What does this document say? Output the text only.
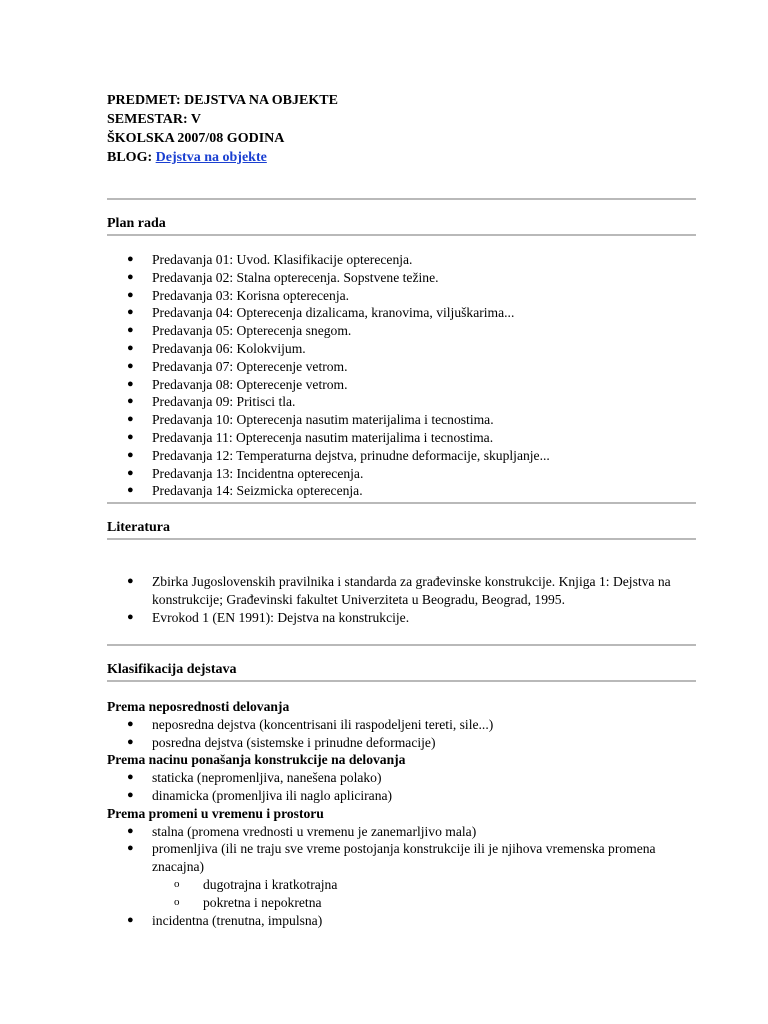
PREDMET: DEJSTVA NA OBJEKTE
SEMESTAR: V
ŠKOLSKA 2007/08 GODINA
BLOG: Dejstva na objekte
Plan rada
● Predavanja 01: Uvod. Klasifikacije opterecenja.
● Predavanja 02: Stalna opterecenja. Sopstvene težine.
● Predavanja 03: Korisna opterecenja.
● Predavanja 04: Opterecenja dizalicama, kranovima, viljuškarima...
● Predavanja 05: Opterecenja snegom.
● Predavanja 06: Kolokvijum.
● Predavanja 07: Opterecenje vetrom.
● Predavanja 08: Opterecenje vetrom.
● Predavanja 09: Pritisci tla.
● Predavanja 10: Opterecenja nasutim materijalima i tecnostima.
● Predavanja 11: Opterecenja nasutim materijalima i tecnostima.
● Predavanja 12: Temperaturna dejstva, prinudne deformacije, skupljanje...
● Predavanja 13: Incidentna opterecenja.
● Predavanja 14: Seizmicka opterecenja.
Literatura
● Zbirka Jugoslovenskih pravilnika i standarda za građevinske konstrukcije. Knjiga 1: Dejstva na konstrukcije; Građevinski fakultet Univerziteta u Beogradu, Beograd, 1995.
● Evrokod 1 (EN 1991): Dejstva na konstrukcije.
Klasifikacija dejstava
Prema neposrednosti delovanja
● neposredna dejstva (koncentrisani ili raspodeljeni tereti, sile...)
● posredna dejstva (sistemske i prinudne deformacije)
Prema nacinu ponašanja konstrukcije na delovanja
● staticka (nepromenljiva, nanešena polako)
● dinamicka (promenljiva ili naglo aplicirana)
Prema promeni u vremenu i prostoru
● stalna (promena vrednosti u vremenu je zanemarljivo mala)
● promenljiva (ili ne traju sve vreme postojanja konstrukcije ili je njihova vremenska promena znacajna)
o dugotrajna i kratkotrajna
o pokretna i nepokretna
● incidentna (trenutna, impulsna)
